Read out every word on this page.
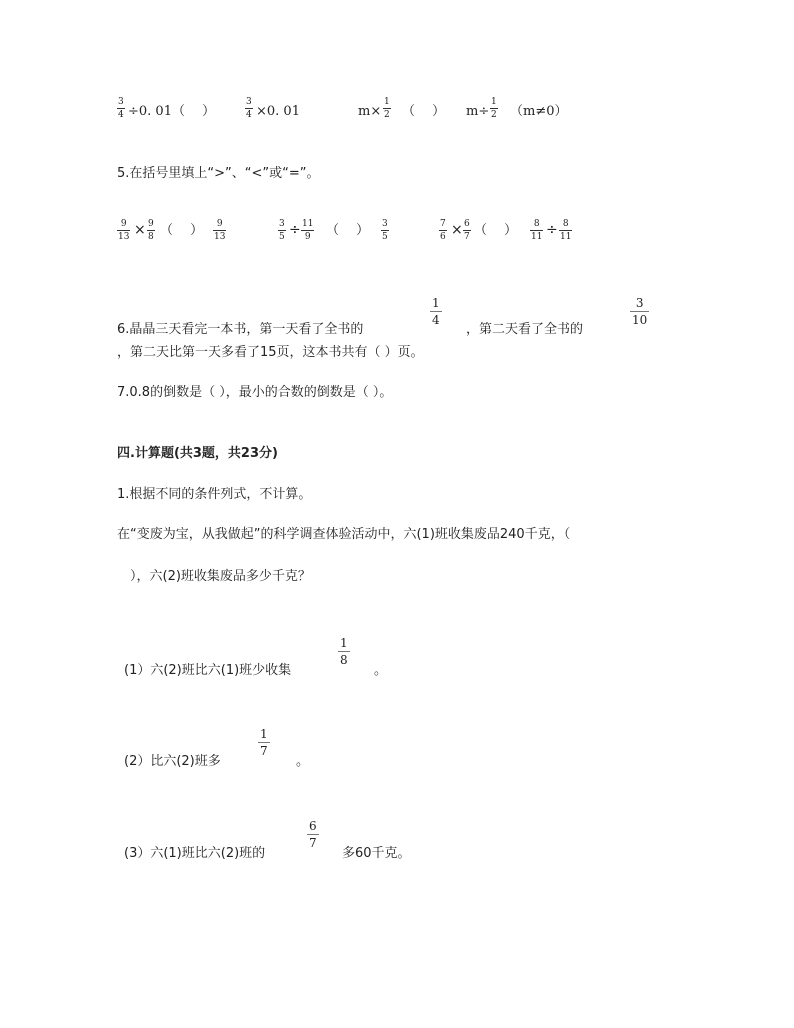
3
4 ÷0. 01（　 ）
3
4 ×0. 01	m×
1
2 （　 ） m÷
1
2 （m≠0）
5.在括号里填上“>”、“<”或“=”。
9
13 × 9
8 （　 ）	9
13
3
5 ÷ 11
9 （　 ） 3
5
7
6 × 6
7 （　 ）	8
11 ÷ 8
11
6.晶晶三天看完一本书，第一天看了全书的
1
4
，第二天看了全书的
3
10
，第二天比第一天多看了15页，这本书共有（ ）页。
7.0.8的倒数是（ ），最小的合数的倒数是（ ）。
四.计算题(共3题，共23分)
1.根据不同的条件列式，不计算。
在“变废为宝，从我做起”的科学调查体验活动中，六(1)班收集废品240千克，（
　），六(2)班收集废品多少千克？
(1）六(2)班比六(1)班少收集
1
8
。
(2）比六(2)班多
1
7
。
(3）六(1)班比六(2)班的
6
7
多60千克。
